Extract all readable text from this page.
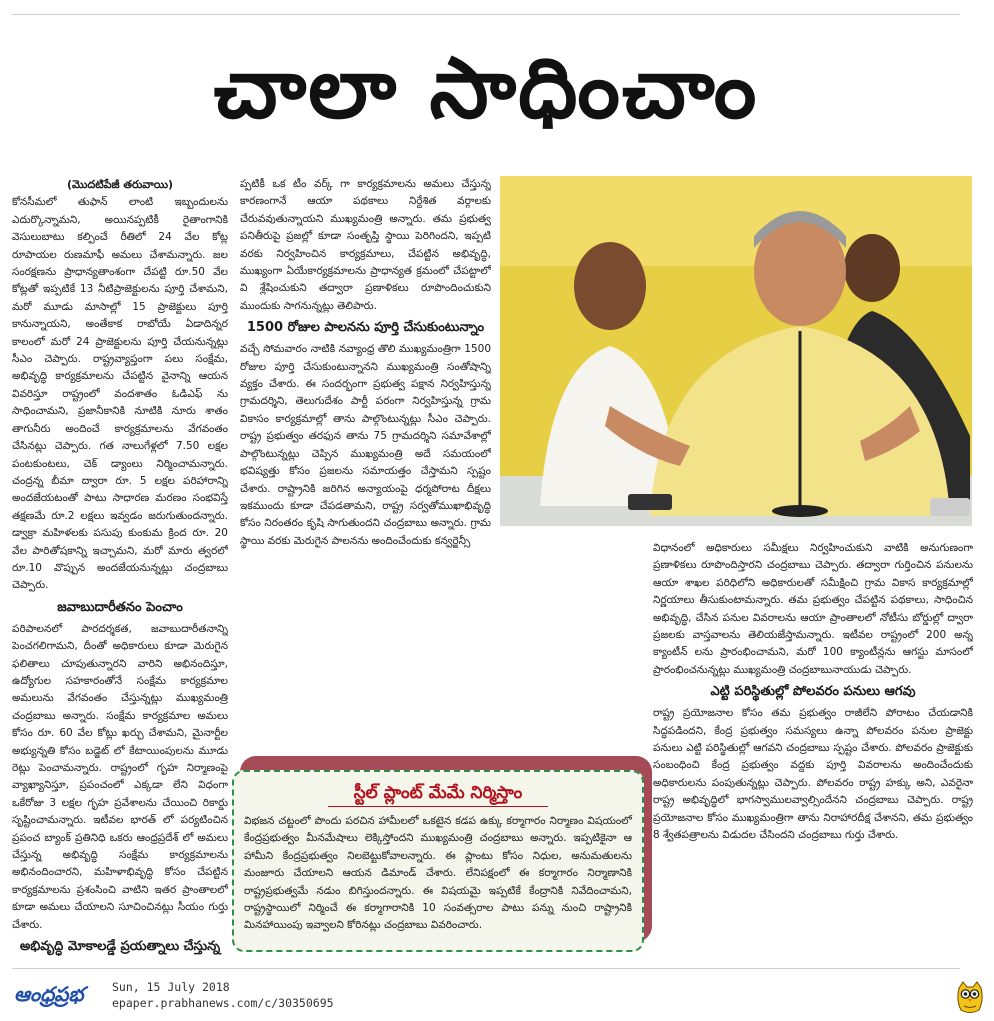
చాలా సాధించాం

(మొదటిపేజీ తరువాయి)

కోనసీమలో తుఫాన్ లాంటి ఇబ్బందులను ఎదుర్కొన్నామని, అయినప్పటికీ రైతాంగానికి వెసులుబాటు కల్పించే రీతిలో 24 వేల కోట్ల రూపాయల రుణమాఫీ అమలు చేశామన్నారు. జల సంరక్షణను ప్రాధాన్యతాంశంగా చేపట్టి రూ.50 వేల కోట్లతో ఇప్పటికే 13 నీటిప్రాజెక్టులను పూర్తి చేశామని, మరో మూడు మాసాల్లో 15 ప్రాజెక్టులు పూర్తి కానున్నాయని, అంతేకాక రాబోయే ఏడాదిన్నర కాలంలో మరో 24 ప్రాజెక్టులను పూర్తి చేయనున్నట్లు సీఎం చెప్పారు. రాష్ట్రవ్యాప్తంగా పలు సంక్షేమ, అభివృద్ధి కార్యక్రమాలను చేపట్టిన వైనాన్ని ఆయన వివరిస్తూ రాష్ట్రంలో వందశాతం ఓడిఎఫ్ ను సాధించామని, ప్రజానీకానికి నూటికి నూరు శాతం తాగునీరు అందించే కార్యక్రమాలను వేగవంతం చేసినట్లు చెప్పారు. గత నాలుగేళ్లలో 7.50 లక్షల పంటకుంటలు, చెక్ డ్యాంలు నిర్మించామన్నారు. చంద్రన్న బీమా ద్వారా రూ. 5 లక్షల పరిహారాన్ని అందజేయటంతో పాటు సాధారణ మరణం సంభవిస్తే తక్షణమే రూ.2 లక్షలు ఇవ్వడం జరుగుతుందన్నారు. డ్వాక్రా మహిళలకు పసుపు కుంకుమ క్రింద రూ. 20 వేల పారితోషకాన్ని ఇచ్చామని, మరో మారు త్వరలో రూ.10 వొప్పున అందజేయనున్నట్లు చంద్రబాబు చెప్పారు.

జవాబుదారీతనం పెంచాం

పరిపాలనలో పారదర్శకత, జవాబుదారీతనాన్ని పెంచగలిగామని, దీంతో అధికారులు కూడా మెరుగైన ఫలితాలు చూపుతున్నారని వారిని అభినందిస్తూ, ఉద్యోగుల సహకారంతోనే సంక్షేమ కార్యక్రమాల అమలును వేగవంతం చేస్తున్నట్లు ముఖ్యమంత్రి చంద్రబాబు అన్నారు. సంక్షేమ కార్యక్రమాల అమలు కోసం రూ. 60 వేల కోట్లు ఖర్చు చేశామని, మైనార్టీల అభ్యున్నతి కోసం బడ్జెట్ లో కేటాయింపులను మూడు రెట్లు పెంచామన్నారు. రాష్ట్రంలో గృహ నిర్మాణంపై వ్యాఖ్యానిస్తూ, ప్రపంచంలో ఎక్కడా లేని విధంగా ఒకేరోజు 3 లక్షల గృహ ప్రవేశాలను చేయించి రికార్డు సృష్టించామన్నారు. ఇటీవల భారత్ లో పర్యటించిన ప్రపంచ బ్యాంక్ ప్రతినిధి ఒకరు ఆంధ్రప్రదేశ్ లో అమలు చేస్తున్న అభివృద్ధి సంక్షేమ కార్యక్రమాలను అభినందించారని, మహిళాభివృద్ధి కోసం చేపట్టిన కార్యక్రమాలను ప్రశంసించి వాటిని ఇతర ప్రాంతాలలో కూడా అమలు చేయాలని సూచించినట్లు సీయం గుర్తు చేశారు.

అభివృద్ధి మోకాలడ్డే ప్రయత్నాలు చేస్తున్న

ప్పటికీ ఒక టీం వర్క్ గా కార్యక్రమాలను అమలు చేస్తున్న కారణంగానే ఆయా పథకాలు నిర్దేశిత వర్గాలకు చేరువవుతున్నాయని ముఖ్యమంత్రి అన్నారు. తమ ప్రభుత్వ పనితీరుపై ప్రజల్లో కూడా సంతృప్తి స్థాయి పెరిగిందని, ఇప్పటి వరకు నిర్వహించిన కార్యక్రమాలు, చేపట్టిన అభివృద్ధి, ముఖ్యంగా ఏయేకార్యక్రమాలను ప్రాధాన్యత క్రమంలో చేపట్టాలో వి శ్లేషించుకుని తద్వారా ప్రణాళికలు రూపొందించుకుని ముందుకు సాగనున్నట్లు తెలిపారు.

1500 రోజుల పాలనను పూర్తి చేసుకుంటున్నాం

వచ్చే సోమవారం నాటికి నవ్యాంధ్ర తొలి ముఖ్యమంత్రిగా 1500 రోజుల పూర్తి చేసుకుంటున్నానని ముఖ్యమంత్రి సంతోషాన్ని వ్యక్తం చేశారు. ఈ సందర్భంగా ప్రభుత్వ పక్షాన నిర్వహిస్తున్న గ్రామదర్శిని, తెలుగుదేశం పార్టీ పరంగా నిర్వహిస్తున్న గ్రామ వికాసం కార్యక్రమాల్లో తాను పాల్గొంటున్నట్లు సీఎం చెప్పారు. రాష్ట్ర ప్రభుత్వం తరఫున తాను 75 గ్రామదర్శిని సమావేశాల్లో పాల్గొంటున్నట్లు చెప్పిన ముఖ్యమంత్రి అదే సమయంలో భవిష్యత్తు కోసం ప్రజలను సమాయత్తం చేస్తామని స్పష్టం చేశారు. రాష్ట్రానికి జరిగిన అన్యాయంపై ధర్మపోరాట దీక్షలు ఇకముందు కూడా చేపడతామని, రాష్ట్ర సర్వతోముఖాభివృద్ధి కోసం నిరంతరం కృషి సాగుతుందని చంద్రబాబు అన్నారు. గ్రామ స్థాయి వరకు మెరుగైన పాలనను అందించేందుకు కన్వర్జెన్సీ

విధానంలో అధికారులు సమీక్షలు నిర్వహించుకుని వాటికి అనుగుణంగా ప్రణాళికలు రూపొందిస్తారని చంద్రబాబు చెప్పారు. తద్వారా గుర్తించిన పనులను ఆయా శాఖల పరిధిలోని అధికారులతో సమీక్షించి గ్రామ వికాస కార్యక్రమాల్లో నిర్ణయాలు తీసుకుంటామన్నారు. తమ ప్రభుత్వం చేపట్టిన పథకాలు, సాధించిన అభివృద్ధి, చేసిన పనుల వివరాలను ఆయా ప్రాంతాలలో నోటీసు బోర్డుల్లో ద్వారా ప్రజలకు వాస్తవాలను తెలియజేస్తామన్నారు. ఇటీవల రాష్ట్రంలో 200 అన్న క్యాంటీన్ లను ప్రారంభించామని, మరో 100 క్యాంటీన్లను ఆగస్టు మాసంలో ప్రారంభించనున్నట్లు ముఖ్యమంత్రి చంద్రబాబునాయుడు చెప్పారు.

ఎట్టి పరిస్థితుల్లో పోలవరం పనులు ఆగవు

రాష్ట్ర ప్రయోజనాల కోసం తమ ప్రభుత్వం రాజీలేని పోరాటం చేయడానికి సిద్ధపడిందని, కేంద్ర ప్రభుత్వం సమస్యలు ఉన్నా పోలవరం పనుల ప్రాజెక్టు పనులు ఎట్టి పరిస్థితుల్లో ఆగవని చంద్రబాబు స్పష్టం చేశారు. పోలవరం ప్రాజెక్టుకు సంబంధించి కేంద్ర ప్రభుత్వం వద్దకు పూర్తి వివరాలను అందించేందుకు అధికారులను పంపుతున్నట్లు చెప్పారు. పోలవరం రాష్ట్ర హక్కు అని, ఎవరైనా రాష్ట్ర అభివృద్ధిలో భాగస్వాములవ్వాల్సిందేనని చంద్రబాబు చెప్పారు. రాష్ట్ర ప్రయోజనాల కోసం ముఖ్యమంత్రిగా తాను నిరాహారదీక్ష చేశానని, తమ ప్రభుత్వం 8 శ్వేతపత్రాలను విడుదల చేసిందని చంద్రబాబు గుర్తు చేశారు.

స్టీల్ ప్లాంట్ మేమే నిర్మిస్తాం
విభజన చట్టంలో పొందు పరచిన హామీలలో ఒకటైన కడప ఉక్కు కర్మాగారం నిర్మాణం విషయంలో కేంద్రప్రభుత్వం మీనమేషాలు లెక్కిస్తోందని ముఖ్యమంత్రి చంద్రబాబు అన్నారు. ఇప్పటికైనా ఆ హామీని కేంద్రప్రభుత్వం నిలబెట్టుకోవాలన్నారు. ఈ ప్లాంటు కోసం నిధుల, అనుమతులను మంజూరు చేయాలని ఆయన డిమాండ్ చేశారు. లేనిపక్షంలో ఈ కర్మాగారం నిర్మాణానికి రాష్ట్రప్రభుత్వమే నడుం బిగిస్తుందన్నారు. ఈ విషయమై ఇప్పటికే కేంద్రానికి నివేదించామని, రాష్ట్రస్థాయిలో నిర్మించే ఈ కర్మాగారానికి 10 సంవత్సరాల పాటు పన్ను నుంచి రాష్ట్రానికి మినహాయింపు ఇవ్వాలని కోరినట్లు చంద్రబాబు వివరించారు.
ఆంధ్రప్రభ Sun, 15 July 2018
epaper.prabhanews.com/c/30350695
